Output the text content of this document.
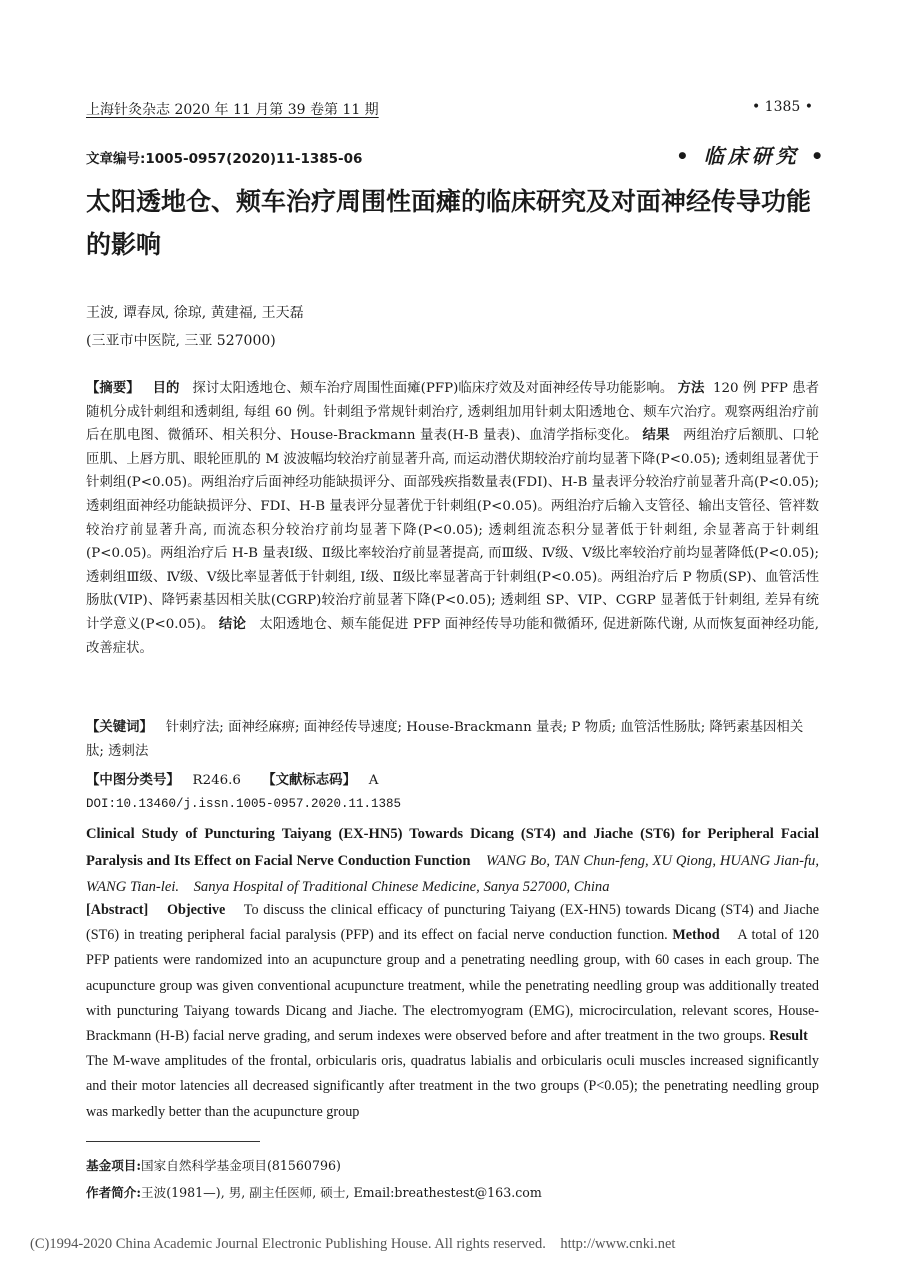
上海针灸杂志 2020 年 11 月第 39 卷第 11 期	• 1385 •
文章编号:1005-0957(2020)11-1385-06	• 临床研究 •
太阳透地仓、颊车治疗周围性面瘫的临床研究及对面神经传导功能的影响
王波, 谭春凤, 徐琼, 黄建福, 王天磊
(三亚市中医院, 三亚 527000)
【摘要】 目的 探讨太阳透地仓、颊车治疗周围性面瘫(PFP)临床疗效及对面神经传导功能影响。 方法 120 例 PFP 患者随机分成针刺组和透刺组, 每组 60 例。针刺组予常规针刺治疗, 透刺组加用针刺太阳透地仓、颊车穴治疗。观察两组治疗前后在肌电图、微循环、相关积分、House-Brackmann 量表(H-B 量表)、血清学指标变化。 结果 两组治疗后额肌、口轮匝肌、上唇方肌、眼轮匝肌的 M 波波幅均较治疗前显著升高, 而运动潜伏期较治疗前均显著下降(P<0.05); 透刺组显著优于针刺组(P<0.05)。两组治疗后面神经功能缺损评分、面部残疾指数量表(FDI)、H-B 量表评分较治疗前显著升高(P<0.05); 透刺组面神经功能缺损评分、FDI、H-B 量表评分显著优于针刺组(P<0.05)。两组治疗后输入支管径、输出支管径、管袢数较治疗前显著升高, 而流态积分较治疗前均显著下降(P<0.05); 透刺组流态积分显著低于针刺组, 余显著高于针刺组(P<0.05)。两组治疗后 H-B 量表Ⅰ级、Ⅱ级比率较治疗前显著提高, 而Ⅲ级、Ⅳ级、Ⅴ级比率较治疗前均显著降低(P<0.05); 透刺组Ⅲ级、Ⅳ级、Ⅴ级比率显著低于针刺组, Ⅰ级、Ⅱ级比率显著高于针刺组(P<0.05)。两组治疗后 P 物质(SP)、血管活性肠肽(VIP)、降钙素基因相关肽(CGRP)较治疗前显著下降(P<0.05); 透刺组 SP、VIP、CGRP 显著低于针刺组, 差异有统计学意义(P<0.05)。 结论 太阳透地仓、颊车能促进 PFP 面神经传导功能和微循环, 促进新陈代谢, 从而恢复面神经功能, 改善症状。
【关键词】 针刺疗法; 面神经麻痹; 面神经传导速度; House-Brackmann 量表; P 物质; 血管活性肠肽; 降钙素基因相关肽; 透刺法
【中图分类号】 R246.6 【文献标志码】 A
DOI:10.13460/j.issn.1005-0957.2020.11.1385
Clinical Study of Puncturing Taiyang (EX-HN5) Towards Dicang (ST4) and Jiache (ST6) for Peripheral Facial Paralysis and Its Effect on Facial Nerve Conduction Function WANG Bo, TAN Chun-feng, XU Qiong, HUANG Jian-fu, WANG Tian-lei. Sanya Hospital of Traditional Chinese Medicine, Sanya 527000, China
[Abstract] Objective To discuss the clinical efficacy of puncturing Taiyang (EX-HN5) towards Dicang (ST4) and Jiache (ST6) in treating peripheral facial paralysis (PFP) and its effect on facial nerve conduction function. Method A total of 120 PFP patients were randomized into an acupuncture group and a penetrating needling group, with 60 cases in each group. The acupuncture group was given conventional acupuncture treatment, while the penetrating needling group was additionally treated with puncturing Taiyang towards Dicang and Jiache. The electromyogram (EMG), microcirculation, relevant scores, House-Brackmann (H-B) facial nerve grading, and serum indexes were observed before and after treatment in the two groups. Result    The M-wave amplitudes of the frontal, orbicularis oris, quadratus labialis and orbicularis oculi muscles increased significantly and their motor latencies all decreased significantly after treatment in the two groups (P<0.05); the penetrating needling group was markedly better than the acupuncture group
基金项目:国家自然科学基金项目(81560796)
作者简介:王波(1981—), 男, 副主任医师, 硕士, Email:breathestest@163.com
(C)1994-2020 China Academic Journal Electronic Publishing House. All rights reserved.    http://www.cnki.net
